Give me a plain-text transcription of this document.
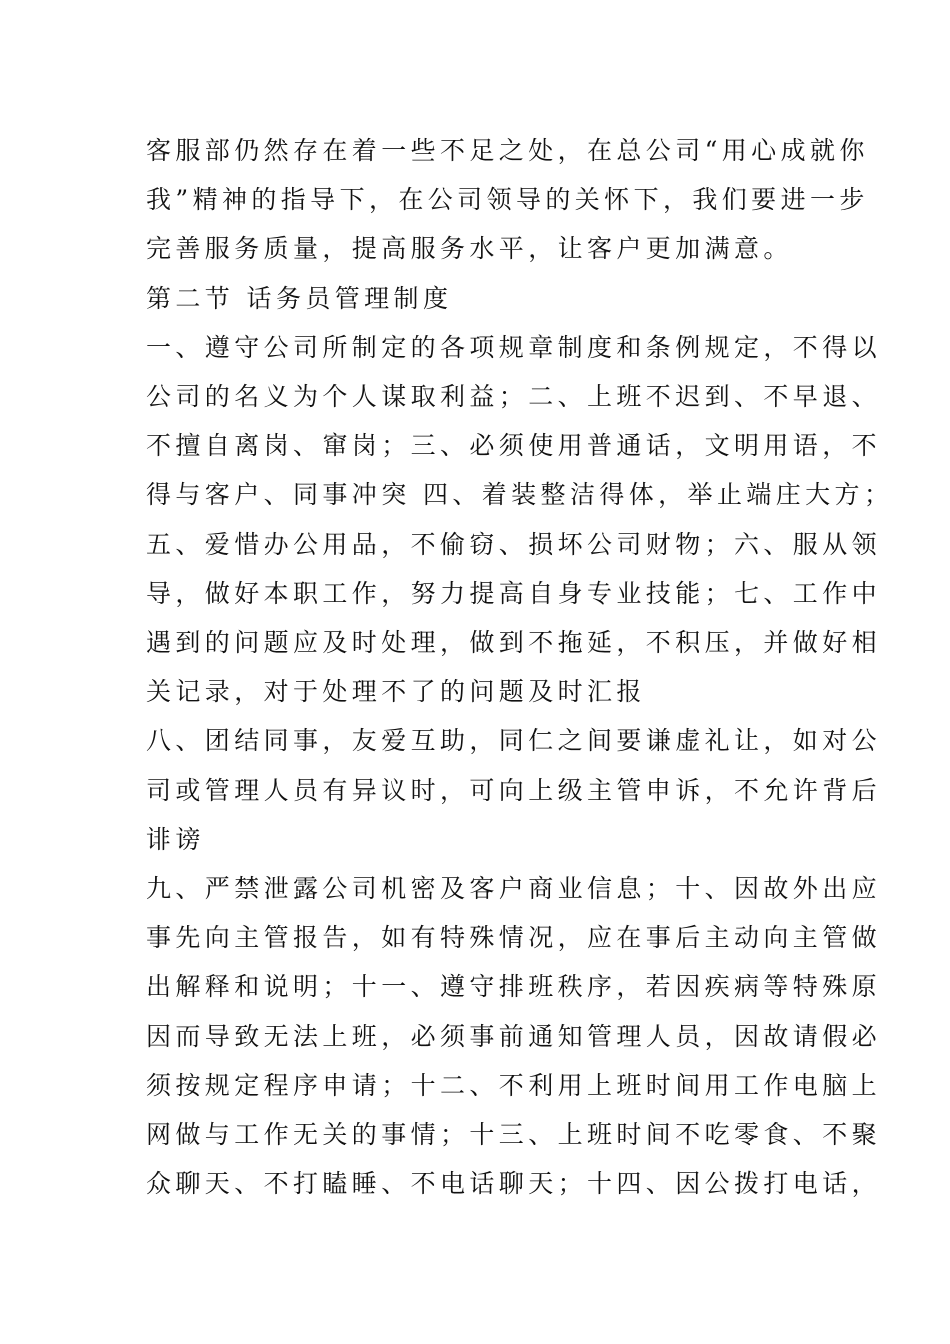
客服部仍然存在着一些不足之处，在总公司“用心成就你
我”精神的指导下，在公司领导的关怀下，我们要进一步
完善服务质量，提高服务水平，让客户更加满意。
第二节 话务员管理制度
一、遵守公司所制定的各项规章制度和条例规定，不得以
公司的名义为个人谋取利益；二、上班不迟到、不早退、
不擅自离岗、窜岗；三、必须使用普通话，文明用语，不
得与客户、同事冲突 四、着装整洁得体，举止端庄大方；
五、爱惜办公用品，不偷窃、损坏公司财物；六、服从领
导，做好本职工作，努力提高自身专业技能；七、工作中
遇到的问题应及时处理，做到不拖延，不积压，并做好相
关记录，对于处理不了的问题及时汇报
八、团结同事，友爱互助，同仁之间要谦虚礼让，如对公
司或管理人员有异议时，可向上级主管申诉，不允许背后
诽谤
九、严禁泄露公司机密及客户商业信息；十、因故外出应
事先向主管报告，如有特殊情况，应在事后主动向主管做
出解释和说明；十一、遵守排班秩序，若因疾病等特殊原
因而导致无法上班，必须事前通知管理人员，因故请假必
须按规定程序申请；十二、不利用上班时间用工作电脑上
网做与工作无关的事情；十三、上班时间不吃零食、不聚
众聊天、不打瞌睡、不电话聊天；十四、因公拨打电话，
